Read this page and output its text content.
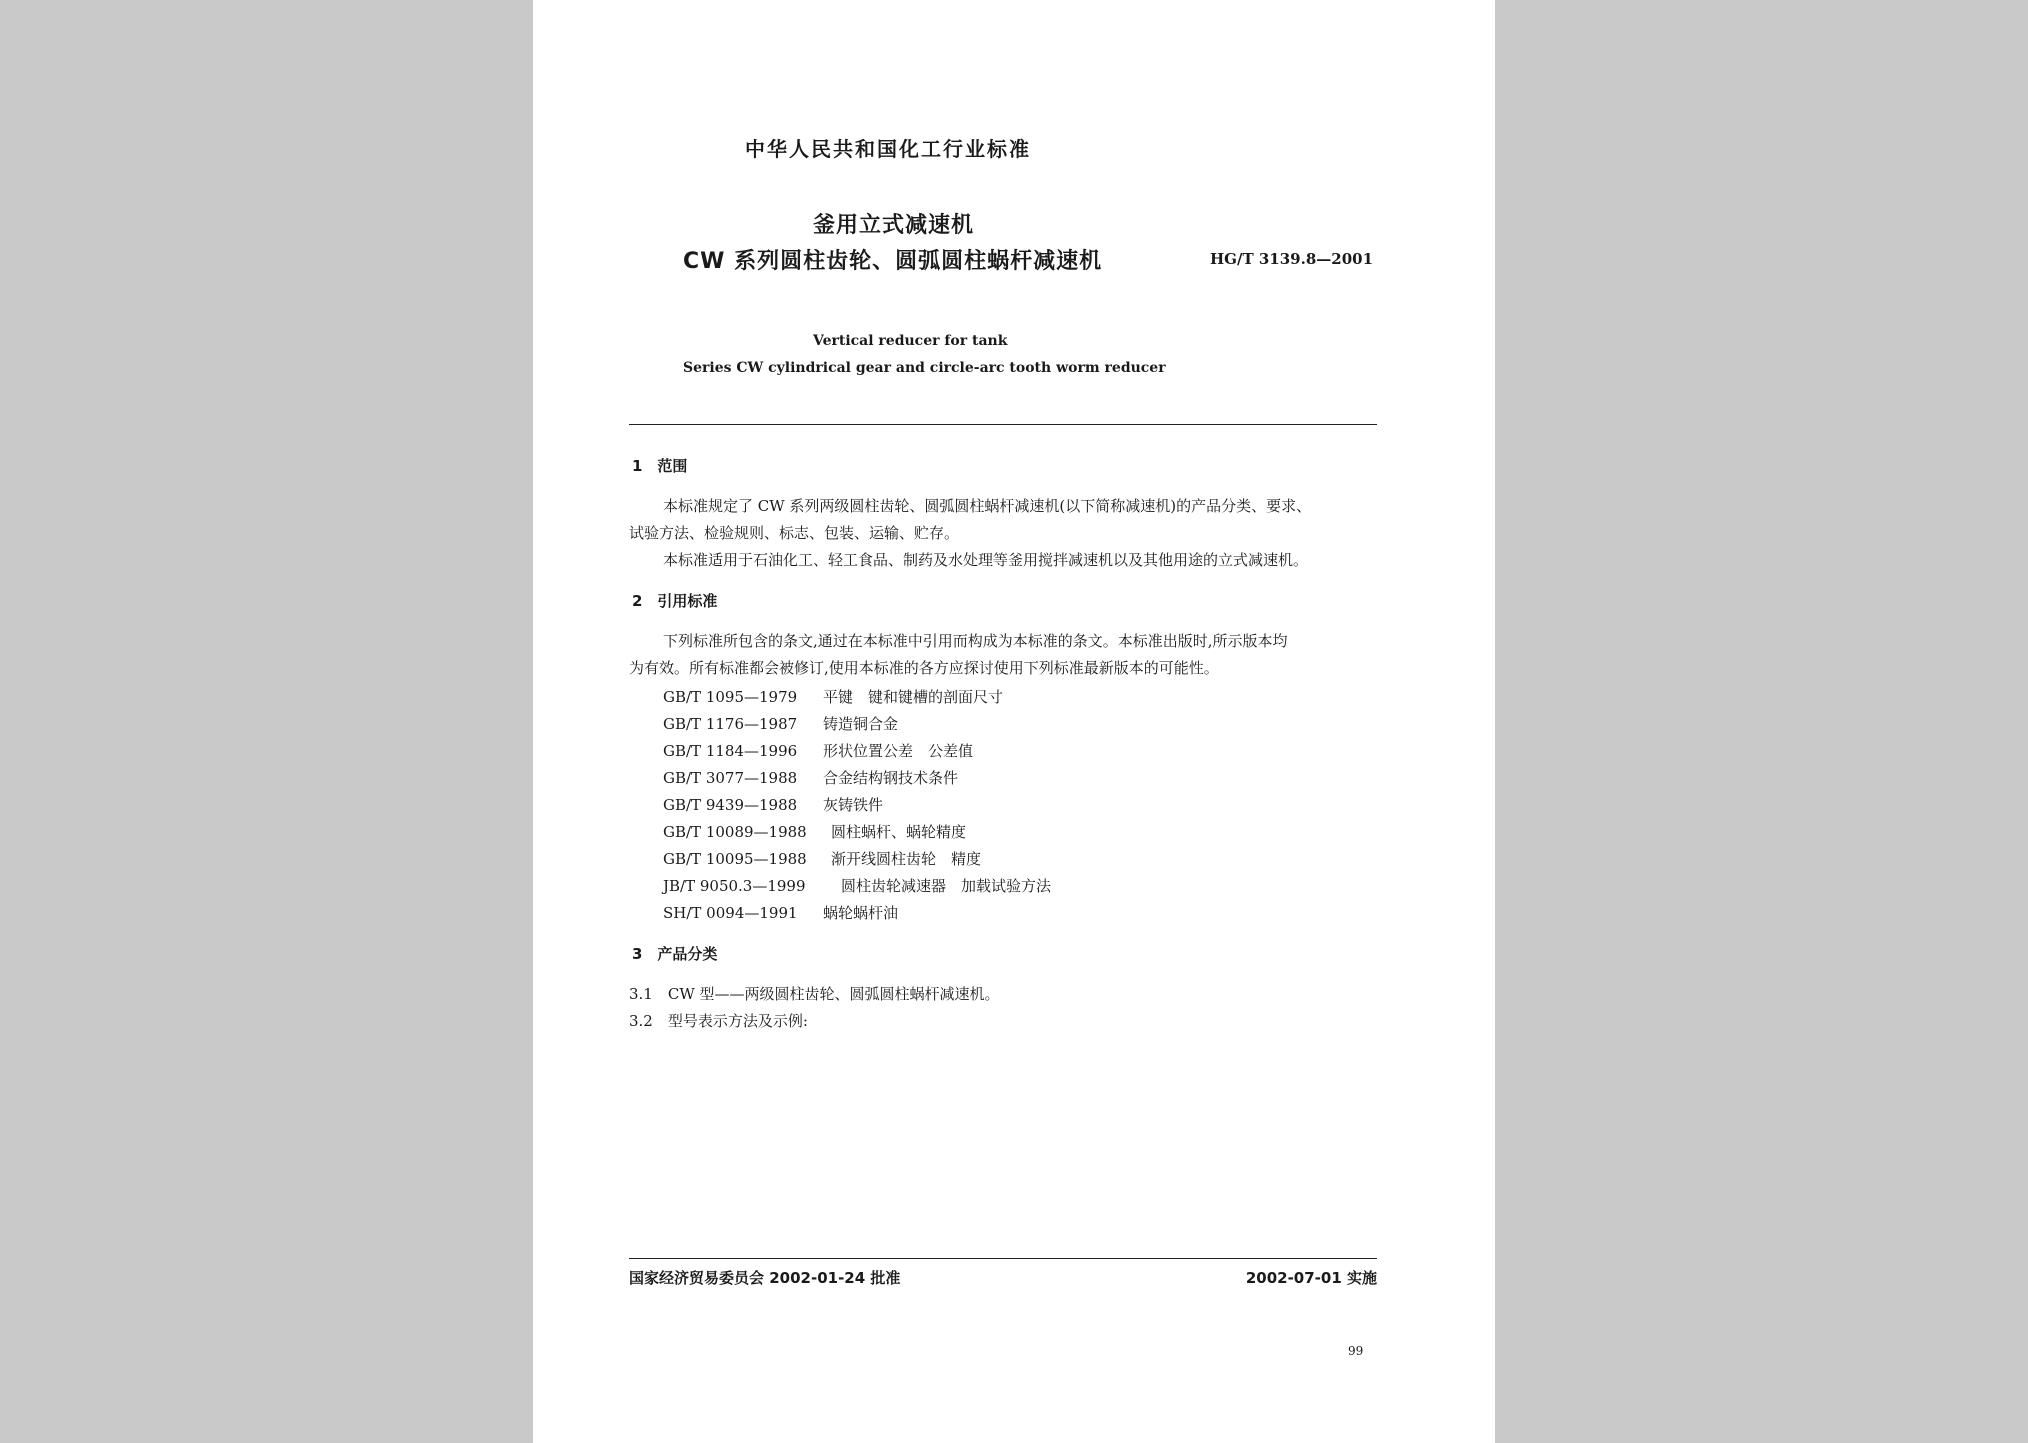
中华人民共和国化工行业标准
釜用立式减速机
CW 系列圆柱齿轮、圆弧圆柱蜗杆减速机	HG/T 3139.8—2001
Vertical reducer for tank
Series CW cylindrical gear and circle-arc tooth worm reducer
1　范围
本标准规定了 CW 系列两级圆柱齿轮、圆弧圆柱蜗杆减速机(以下简称减速机)的产品分类、要求、
试验方法、检验规则、标志、包装、运输、贮存。
本标准适用于石油化工、轻工食品、制药及水处理等釜用搅拌减速机以及其他用途的立式减速机。
2　引用标准
下列标准所包含的条文,通过在本标准中引用而构成为本标准的条文。本标准出版时,所示版本均
为有效。所有标准都会被修订,使用本标准的各方应探讨使用下列标准最新版本的可能性。
GB/T 1095—1979 平键　键和键槽的剖面尺寸
GB/T 1176—1987 铸造铜合金
GB/T 1184—1996 形状位置公差　公差值
GB/T 3077—1988 合金结构钢技术条件
GB/T 9439—1988 灰铸铁件
GB/T 10089—1988 圆柱蜗杆、蜗轮精度
GB/T 10095—1988 渐开线圆柱齿轮　精度
JB/T 9050.3—1999 圆柱齿轮减速器　加载试验方法
SH/T 0094—1991 蜗轮蜗杆油
3　产品分类
3.1　CW 型——两级圆柱齿轮、圆弧圆柱蜗杆减速机。
3.2　型号表示方法及示例:
国家经济贸易委员会 2002-01-24 批准	2002-07-01 实施
99
